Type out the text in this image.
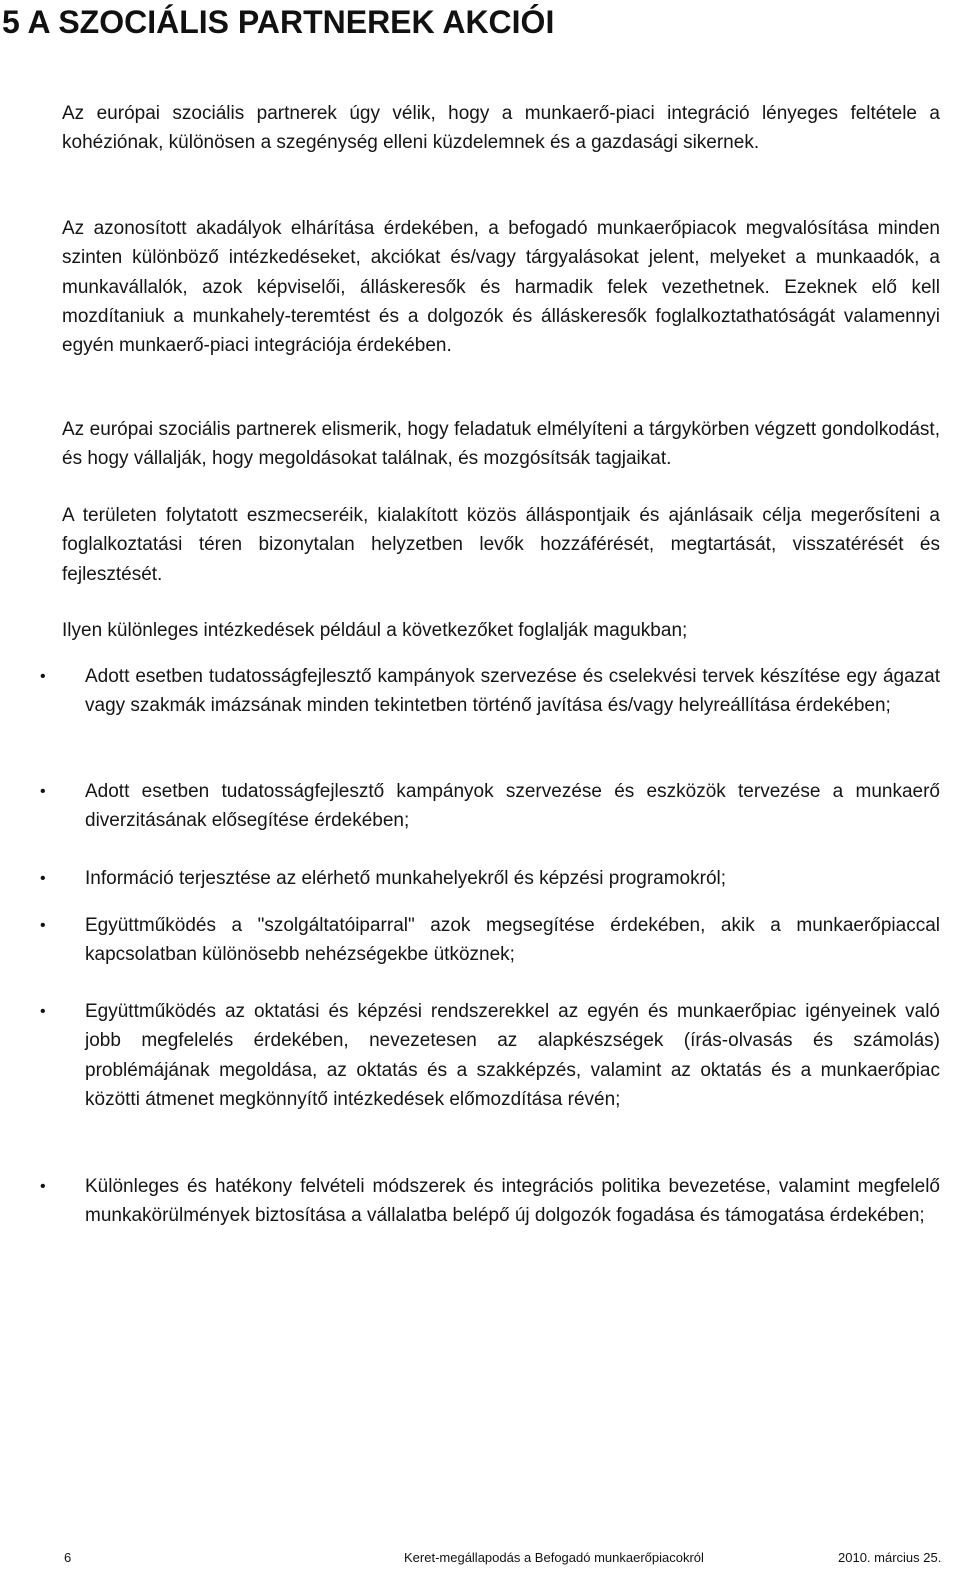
5 A SZOCIÁLIS PARTNEREK AKCIÓI

Az európai szociális partnerek úgy vélik, hogy a munkaerő-piaci integráció lényeges feltétele a kohéziónak, különösen a szegénység elleni küzdelemnek és a gazdasági sikernek.

Az azonosított akadályok elhárítása érdekében, a befogadó munkaerőpiacok megvalósítása minden szinten különböző intézkedéseket, akciókat és/vagy tárgyalásokat jelent, melyeket a munkaadók, a munkavállalók, azok képviselői, álláskeresők és harmadik felek vezethetnek. Ezeknek elő kell mozdítaniuk a munkahely-teremtést és a dolgozók és álláskeresők foglalkoztathatóságát valamennyi egyén munkaerő-piaci integrációja érdekében.

Az európai szociális partnerek elismerik, hogy feladatuk elmélyíteni a tárgykörben végzett gondolkodást, és hogy vállalják, hogy megoldásokat találnak, és mozgósítsák tagjaikat.

A területen folytatott eszmecseréik, kialakított közös álláspontjaik és ajánlásaik célja megerősíteni a foglalkoztatási téren bizonytalan helyzetben levők hozzáférését, megtartását, visszatérését és fejlesztését.

Ilyen különleges intézkedések például a következőket foglalják magukban;

•	Adott esetben tudatosságfejlesztő kampányok szervezése és cselekvési tervek készítése egy ágazat vagy szakmák imázsának minden tekintetben történő javítása és/vagy helyreállítása érdekében;
•	Adott esetben tudatosságfejlesztő kampányok szervezése és eszközök tervezése a munkaerő diverzitásának elősegítése érdekében;
•	Információ terjesztése az elérhető munkahelyekről és képzési programokról;
•	Együttműködés a "szolgáltatóiparral" azok megsegítése érdekében, akik a munkaerőpiaccal kapcsolatban különösebb nehézségekbe ütköznek;
•	Együttműködés az oktatási és képzési rendszerekkel az egyén és munkaerőpiac igényeinek való jobb megfelelés érdekében, nevezetesen az alapkészségek (írás-olvasás és számolás) problémájának megoldása, az oktatás és a szakképzés, valamint az oktatás és a munkaerőpiac közötti átmenet megkönnyítő intézkedések előmozdítása révén;
•	Különleges és hatékony felvételi módszerek és integrációs politika bevezetése, valamint megfelelő munkakörülmények biztosítása a vállalatba belépő új dolgozók fogadása és támogatása érdekében;
6	Keret-megállapodás a Befogadó munkaerőpiacokról	2010. március 25.
